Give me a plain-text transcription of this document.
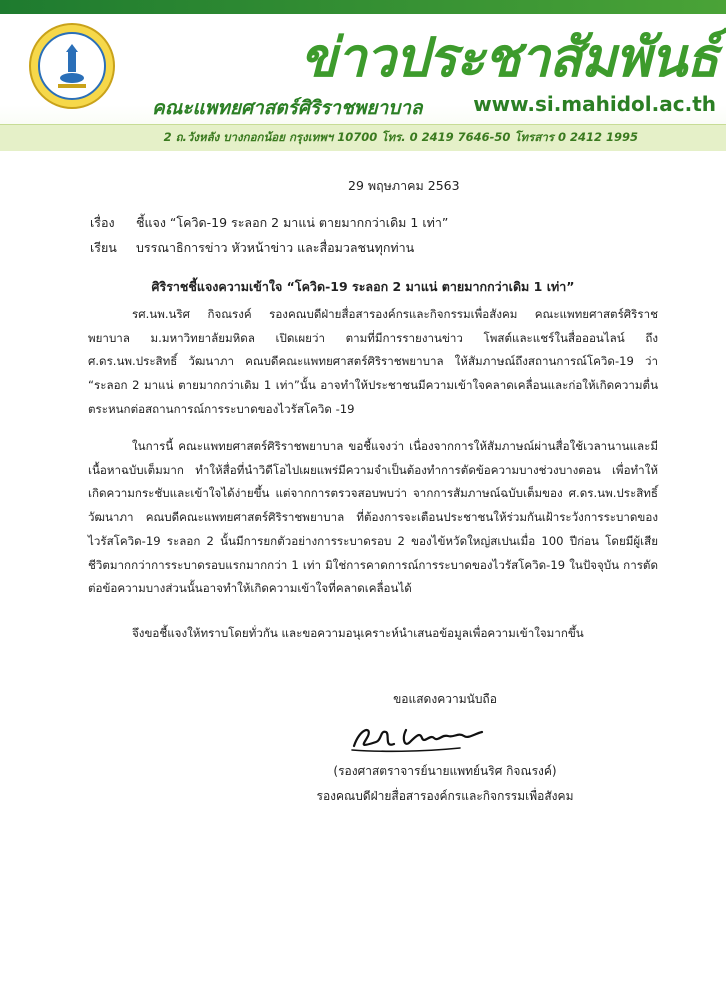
ข่าวประชาสัมพันธ์
คณะแพทยศาสตร์ศิริราชพยาบาล	www.si.mahidol.ac.th
2 ถ.วังหลัง บางกอกน้อย กรุงเทพฯ 10700 โทร. 0 2419 7646-50 โทรสาร 0 2412 1995
29 พฤษภาคม 2563
เรื่อง ชี้แจง “โควิด-19 ระลอก 2 มาแน่ ตายมากกว่าเดิม 1 เท่า”
เรียน บรรณาธิการข่าว หัวหน้าข่าว และสื่อมวลชนทุกท่าน
ศิริราชชี้แจงความเข้าใจ “โควิด-19 ระลอก 2 มาแน่ ตายมากกว่าเดิม 1 เท่า”
รศ.นพ.นริศ กิจณรงค์ รองคณบดีฝ่ายสื่อสารองค์กรและกิจกรรมเพื่อสังคม คณะแพทยศาสตร์ศิริราชพยาบาล ม.มหาวิทยาลัยมหิดล เปิดเผยว่า ตามที่มีการรายงานข่าว โพสต์และแชร์ในสื่อออนไลน์ ถึง ศ.ดร.นพ.ประสิทธิ์ วัฒนาภา คณบดีคณะแพทยศาสตร์ศิริราชพยาบาล ให้สัมภาษณ์ถึงสถานการณ์โควิด-19 ว่า “ระลอก 2 มาแน่ ตายมากกว่าเดิม 1 เท่า”นั้น อาจทำให้ประชาชนมีความเข้าใจคลาดเคลื่อนและก่อให้เกิดความตื่นตระหนกต่อสถานการณ์การระบาดของไวรัสโควิด -19
ในการนี้ คณะแพทยศาสตร์ศิริราชพยาบาล ขอชี้แจงว่า เนื่องจากการให้สัมภาษณ์ผ่านสื่อใช้เวลานานและมีเนื้อหาฉบับเต็มมาก ทำให้สื่อที่นำวิดีโอไปเผยแพร่มีความจำเป็นต้องทำการตัดข้อความบางช่วงบางตอน เพื่อทำให้เกิดความกระชับและเข้าใจได้ง่ายขึ้น แต่จากการตรวจสอบพบว่า จากการสัมภาษณ์ฉบับเต็มของ ศ.ดร.นพ.ประสิทธิ์ วัฒนาภา คณบดีคณะแพทยศาสตร์ศิริราชพยาบาล ที่ต้องการจะเตือนประชาชนให้ร่วมกันเฝ้าระวังการระบาดของไวรัสโควิด-19 ระลอก 2 นั้นมีการยกตัวอย่างการระบาดรอบ 2 ของไข้หวัดใหญ่สเปนเมื่อ 100 ปีก่อน โดยมีผู้เสียชีวิตมากกว่าการระบาดรอบแรกมากกว่า 1 เท่า มิใช่การคาดการณ์การระบาดของไวรัสโควิด-19 ในปัจจุบัน การตัดต่อข้อความบางส่วนนั้นอาจทำให้เกิดความเข้าใจที่คลาดเคลื่อนได้
จึงขอชี้แจงให้ทราบโดยทั่วกัน และขอความอนุเคราะห์นำเสนอข้อมูลเพื่อความเข้าใจมากขึ้น
ขอแสดงความนับถือ
(รองศาสตราจารย์นายแพทย์นริศ กิจณรงค์)
รองคณบดีฝ่ายสื่อสารองค์กรและกิจกรรมเพื่อสังคม
